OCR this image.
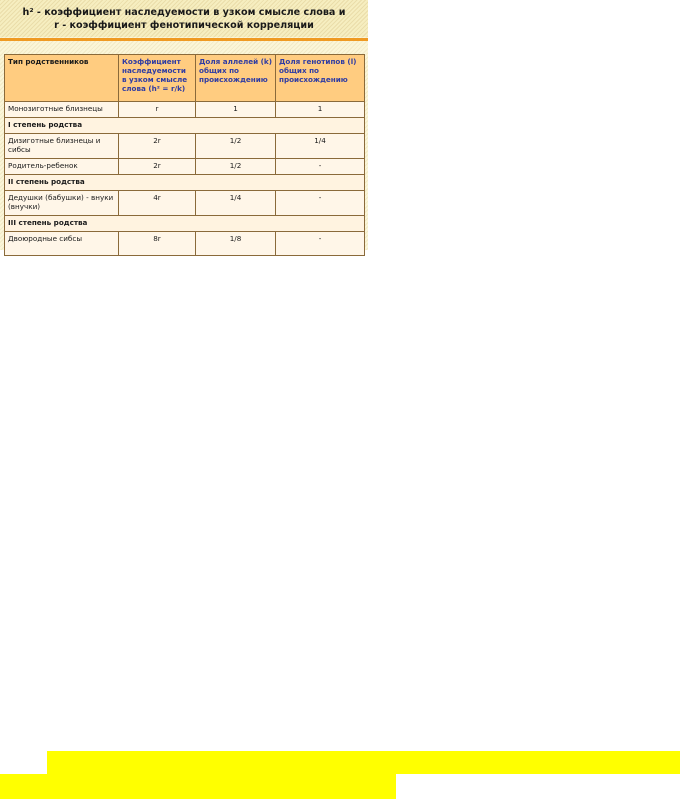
h² - коэффициент наследуемости в узком смысле слова и
r - коэффициент фенотипической корреляции
Тип родственников	Коэффициент наследуемости в узком смысле слова (h² = r/k)	Доля аллелей (k) общих по происхождению	Доля генотипов (l) общих по происхождению
Монозиготные близнецы	r	1	1
I степень родства			
Дизиготные близнецы и сибсы	2r	1/2	1/4
Родитель-ребенок	2r	1/2	-
II степень родства			
Дедушки (бабушки) - внуки (внучки)	4r	1/4	-
III степень родства			
Двоюродные сибсы	8r	1/8	-
